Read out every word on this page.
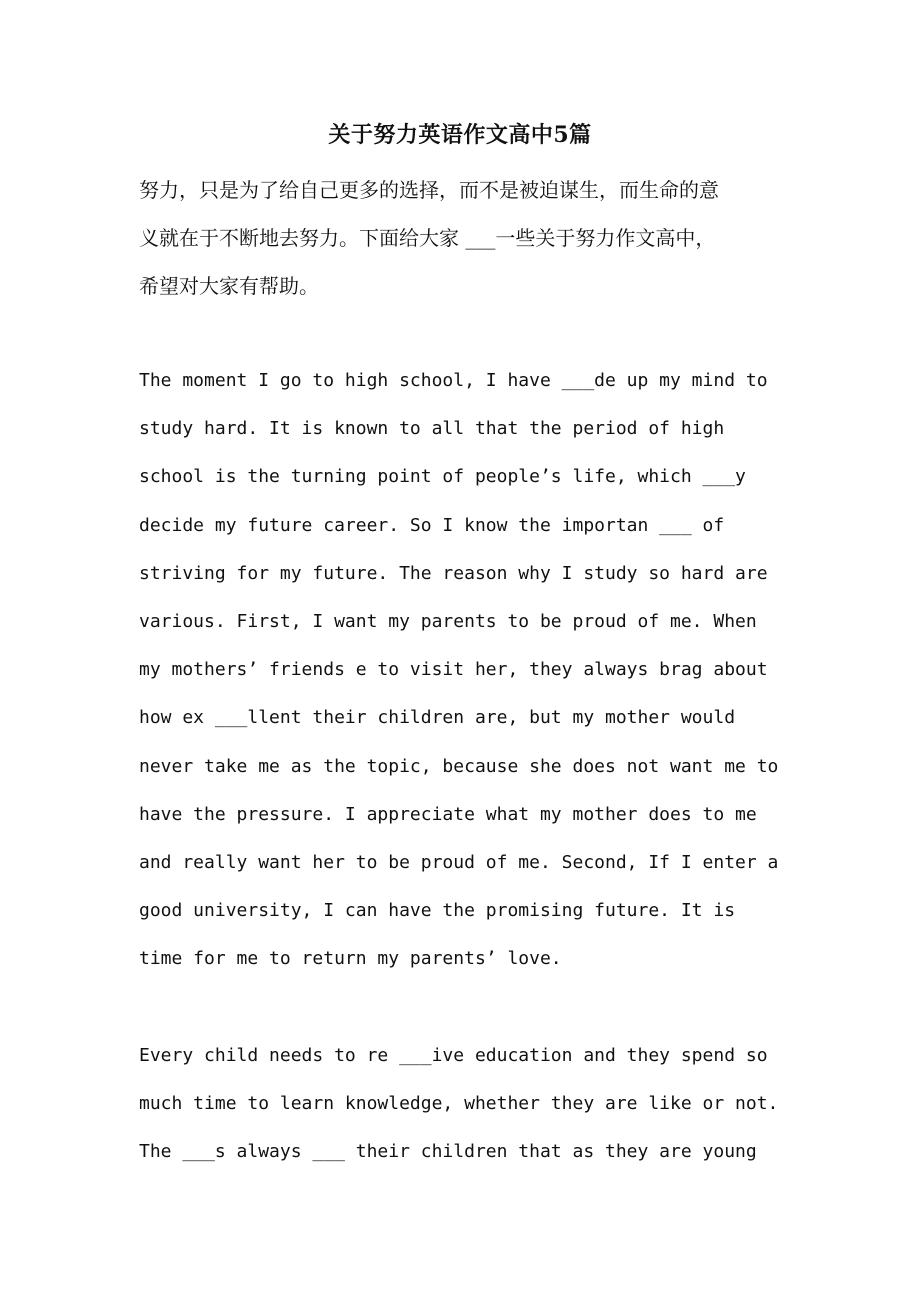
关于努力英语作文高中5篇
努力，只是为了给自己更多的选择，而不是被迫谋生，而生命的意
义就在于不断地去努力。下面给大家 ___一些关于努力作文高中，
希望对大家有帮助。
The moment I go to high school, I have ___de up my mind to
study hard. It is known to all that the period of high
school is the turning point of people’s life, which ___y
decide my future career. So I know the importan ___ of
striving for my future. The reason why I study so hard are
various. First, I want my parents to be proud of me. When
my mothers’ friends e to visit her, they always brag about
how ex ___llent their children are, but my mother would
never take me as the topic, because she does not want me to
have the pressure. I appreciate what my mother does to me
and really want her to be proud of me. Second, If I enter a
good university, I can have the promising future. It is
time for me to return my parents’ love.
Every child needs to re ___ive education and they spend so
much time to learn knowledge, whether they are like or not.
The ___s always ___ their children that as they are young
